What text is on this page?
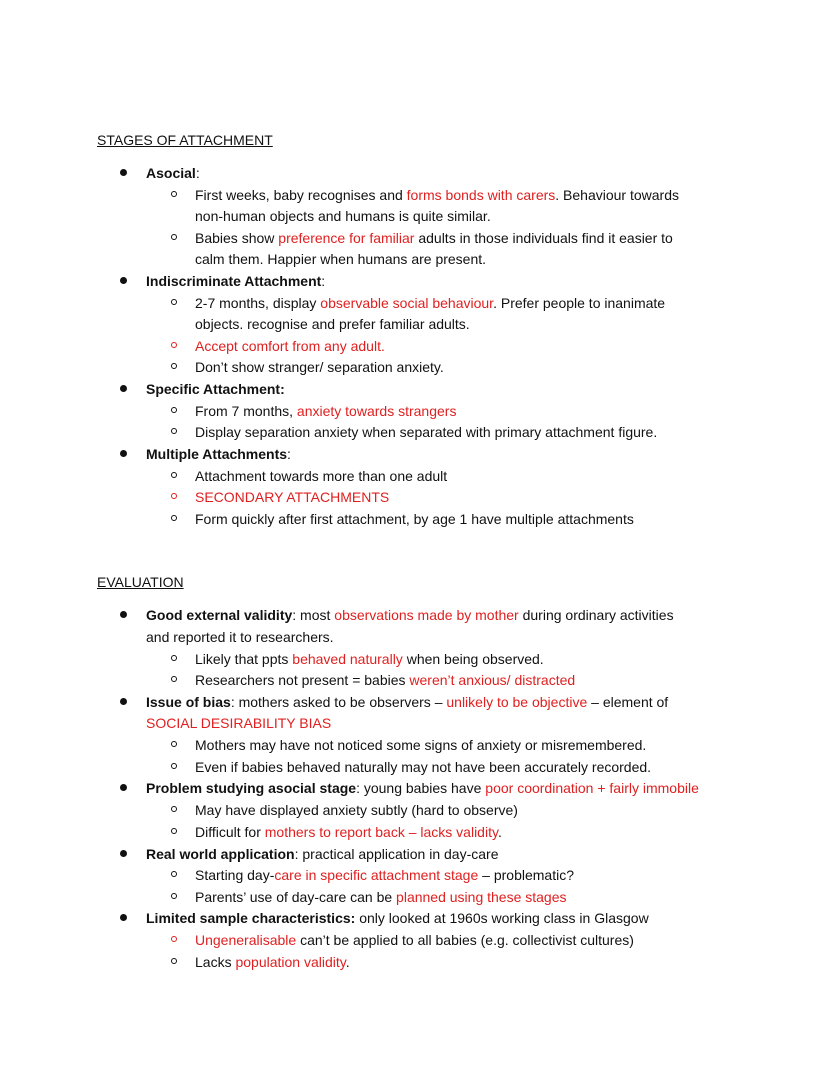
STAGES OF ATTACHMENT
Asocial:
First weeks, baby recognises and forms bonds with carers. Behaviour towards
non-human objects and humans is quite similar.
Babies show preference for familiar adults in those individuals find it easier to
calm them. Happier when humans are present.
Indiscriminate Attachment:
2-7 months, display observable social behaviour. Prefer people to inanimate
objects. recognise and prefer familiar adults.
Accept comfort from any adult.
Don’t show stranger/ separation anxiety.
Specific Attachment:
From 7 months, anxiety towards strangers
Display separation anxiety when separated with primary attachment figure.
Multiple Attachments:
Attachment towards more than one adult
SECONDARY ATTACHMENTS
Form quickly after first attachment, by age 1 have multiple attachments
EVALUATION
Good external validity: most observations made by mother during ordinary activities
and reported it to researchers.
Likely that ppts behaved naturally when being observed.
Researchers not present = babies weren’t anxious/ distracted
Issue of bias: mothers asked to be observers – unlikely to be objective – element of
SOCIAL DESIRABILITY BIAS
Mothers may have not noticed some signs of anxiety or misremembered.
Even if babies behaved naturally may not have been accurately recorded.
Problem studying asocial stage: young babies have poor coordination + fairly immobile
May have displayed anxiety subtly (hard to observe)
Difficult for mothers to report back – lacks validity.
Real world application: practical application in day-care
Starting day-care in specific attachment stage – problematic?
Parents’ use of day-care can be planned using these stages
Limited sample characteristics: only looked at 1960s working class in Glasgow
Ungeneralisable can’t be applied to all babies (e.g. collectivist cultures)
Lacks population validity.
